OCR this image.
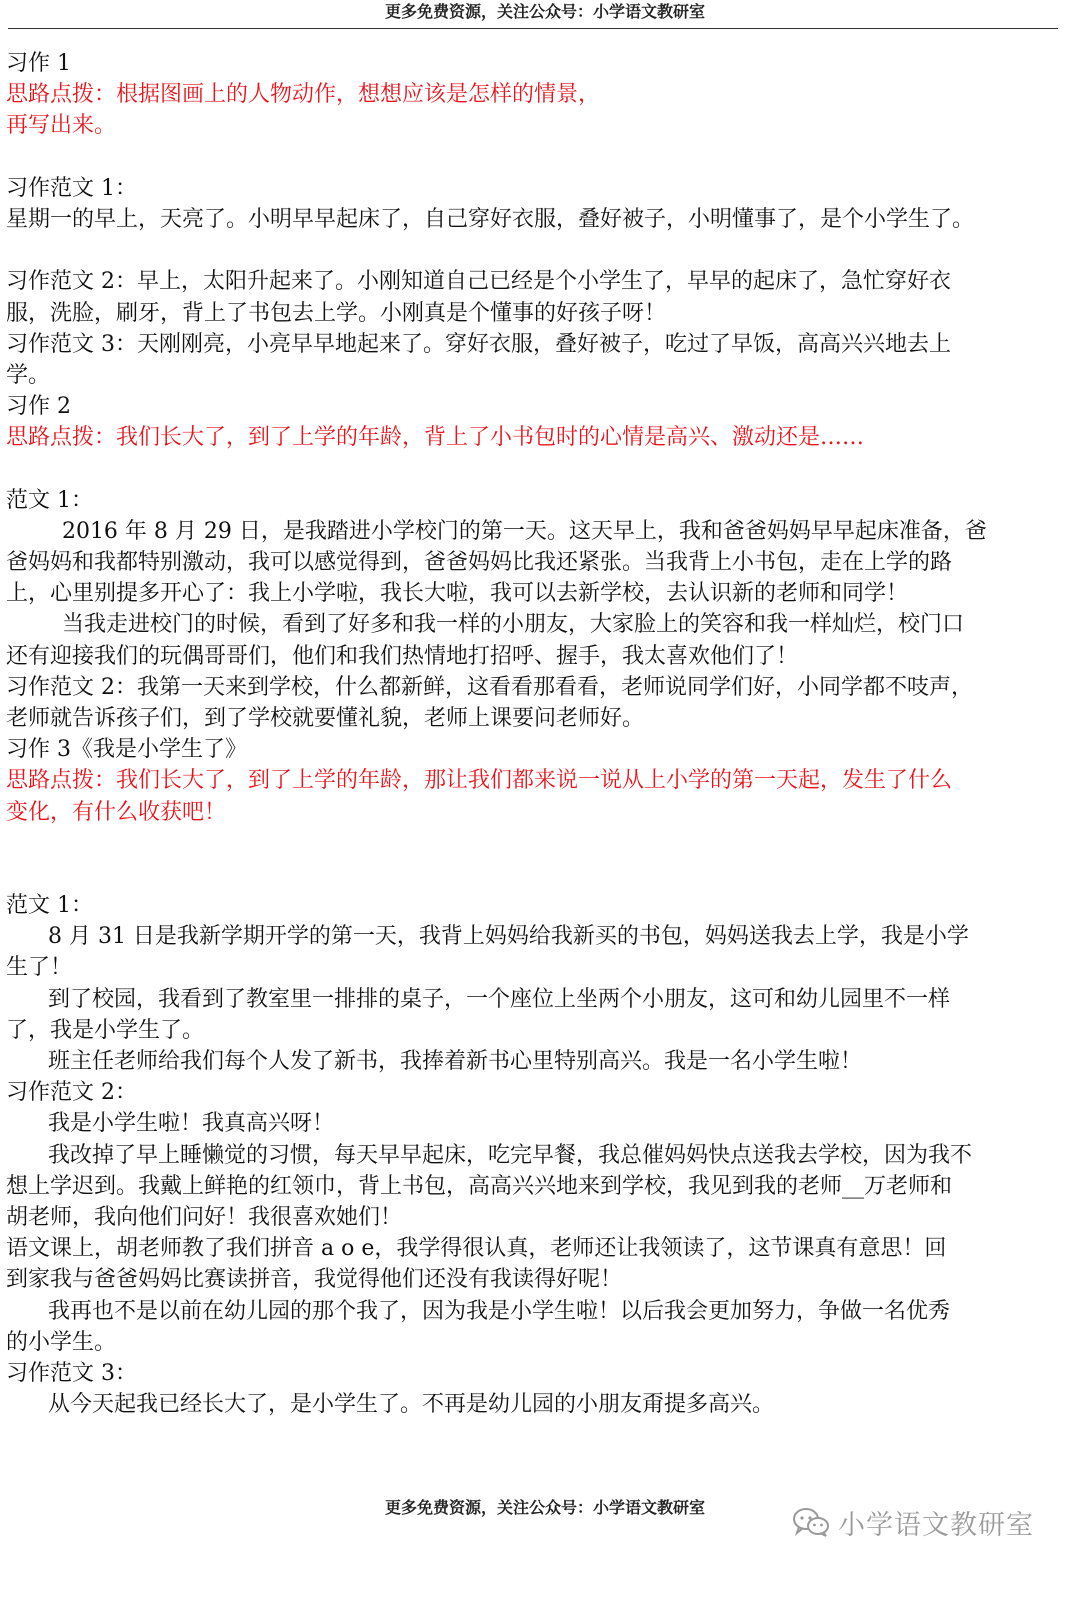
更多免费资源，关注公众号：小学语文教研室
习作 1
思路点拨：根据图画上的人物动作，想想应该是怎样的情景，
再写出来。
习作范文 1：
星期一的早上，天亮了。小明早早起床了，自己穿好衣服，叠好被子，小明懂事了，是个小学生了。
习作范文 2：早上，太阳升起来了。小刚知道自己已经是个小学生了，早早的起床了，急忙穿好衣
服，洗脸，刷牙，背上了书包去上学。小刚真是个懂事的好孩子呀！
习作范文 3：天刚刚亮，小亮早早地起来了。穿好衣服，叠好被子，吃过了早饭，高高兴兴地去上
学。
习作 2
思路点拨：我们长大了，到了上学的年龄，背上了小书包时的心情是高兴、激动还是……
范文 1：
2016 年 8 月 29 日，是我踏进小学校门的第一天。这天早上，我和爸爸妈妈早早起床准备，爸
爸妈妈和我都特别激动，我可以感觉得到，爸爸妈妈比我还紧张。当我背上小书包，走在上学的路
上，心里别提多开心了：我上小学啦，我长大啦，我可以去新学校，去认识新的老师和同学！
当我走进校门的时候，看到了好多和我一样的小朋友，大家脸上的笑容和我一样灿烂，校门口
还有迎接我们的玩偶哥哥们，他们和我们热情地打招呼、握手，我太喜欢他们了！
习作范文 2：我第一天来到学校，什么都新鲜，这看看那看看，老师说同学们好，小同学都不吱声，
老师就告诉孩子们，到了学校就要懂礼貌，老师上课要问老师好。
习作 3《我是小学生了》
思路点拨：我们长大了，到了上学的年龄，那让我们都来说一说从上小学的第一天起，发生了什么
变化，有什么收获吧！
范文 1：
8 月 31 日是我新学期开学的第一天，我背上妈妈给我新买的书包，妈妈送我去上学，我是小学
生了！
到了校园，我看到了教室里一排排的桌子，一个座位上坐两个小朋友，这可和幼儿园里不一样
了，我是小学生了。
班主任老师给我们每个人发了新书，我捧着新书心里特别高兴。我是一名小学生啦！
习作范文 2：
我是小学生啦！我真高兴呀！
我改掉了早上睡懒觉的习惯，每天早早起床，吃完早餐，我总催妈妈快点送我去学校，因为我不
想上学迟到。我戴上鲜艳的红领巾，背上书包，高高兴兴地来到学校，我见到我的老师__万老师和
胡老师，我向他们问好！我很喜欢她们！
语文课上，胡老师教了我们拼音 a o e，我学得很认真，老师还让我领读了，这节课真有意思！回
到家我与爸爸妈妈比赛读拼音，我觉得他们还没有我读得好呢！
我再也不是以前在幼儿园的那个我了，因为我是小学生啦！以后我会更加努力，争做一名优秀
的小学生。
习作范文 3：
从今天起我已经长大了，是小学生了。不再是幼儿园的小朋友甭提多高兴。
更多免费资源，关注公众号：小学语文教研室
小学语文教研室
